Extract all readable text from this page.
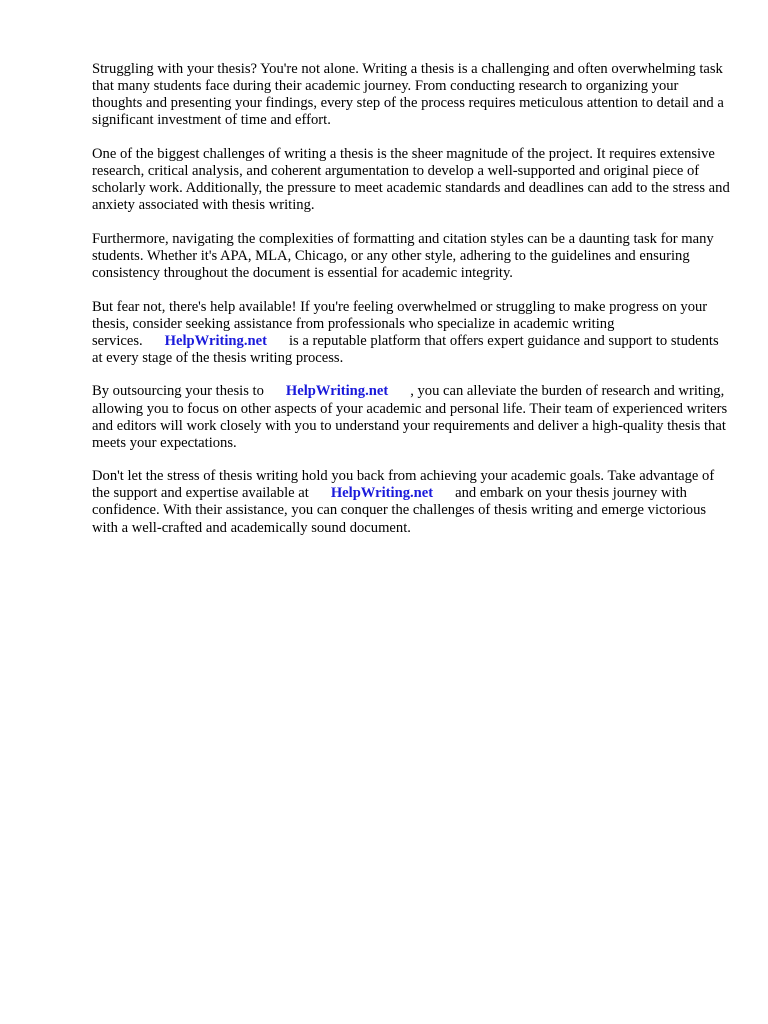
Struggling with your thesis? You're not alone. Writing a thesis is a challenging and often overwhelming task that many students face during their academic journey. From conducting research to organizing your thoughts and presenting your findings, every step of the process requires meticulous attention to detail and a significant investment of time and effort.

One of the biggest challenges of writing a thesis is the sheer magnitude of the project. It requires extensive research, critical analysis, and coherent argumentation to develop a well-supported and original piece of scholarly work. Additionally, the pressure to meet academic standards and deadlines can add to the stress and anxiety associated with thesis writing.

Furthermore, navigating the complexities of formatting and citation styles can be a daunting task for many students. Whether it's APA, MLA, Chicago, or any other style, adhering to the guidelines and ensuring consistency throughout the document is essential for academic integrity.

But fear not, there's help available! If you're feeling overwhelmed or struggling to make progress on your thesis, consider seeking assistance from professionals who specialize in academic writing services. HelpWriting.net is a reputable platform that offers expert guidance and support to students at every stage of the thesis writing process.

By outsourcing your thesis to HelpWriting.net , you can alleviate the burden of research and writing, allowing you to focus on other aspects of your academic and personal life. Their team of experienced writers and editors will work closely with you to understand your requirements and deliver a high-quality thesis that meets your expectations.

Don't let the stress of thesis writing hold you back from achieving your academic goals. Take advantage of the support and expertise available at HelpWriting.net and embark on your thesis journey with confidence. With their assistance, you can conquer the challenges of thesis writing and emerge victorious with a well-crafted and academically sound document.
